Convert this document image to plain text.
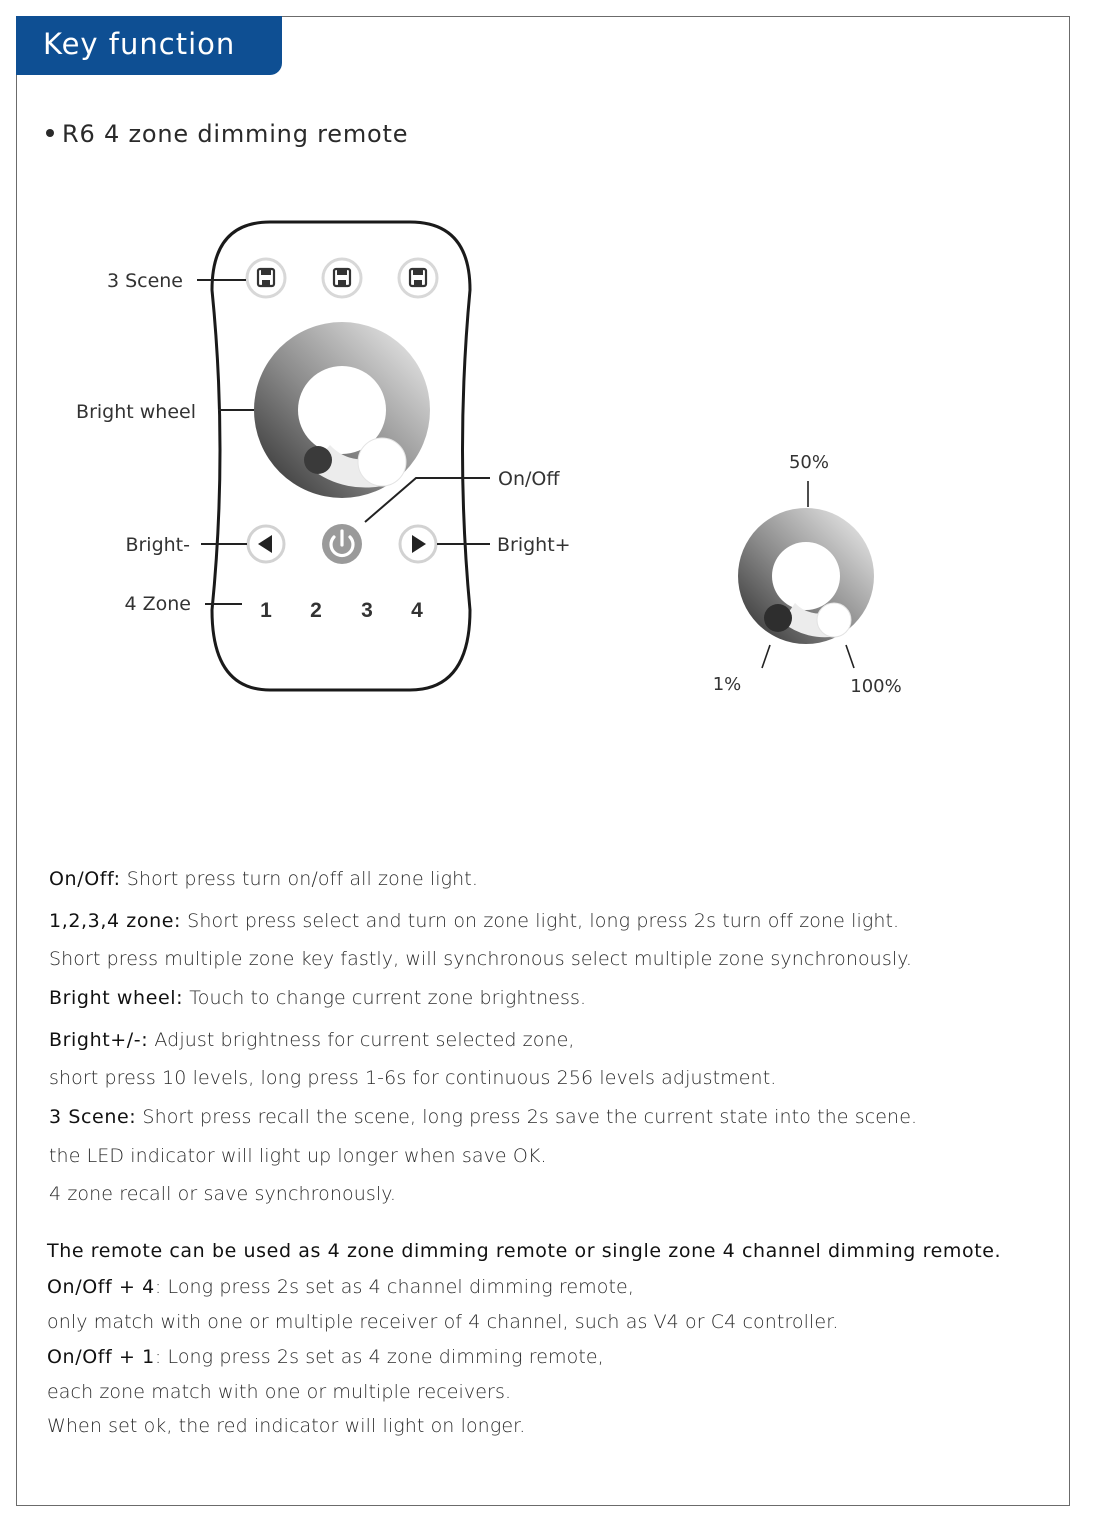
Key function
R6 4 zone dimming remote
1 2 3 4
3 Scene
Bright wheel
On/Off
Bright-	Bright+
4 Zone
50%
1%	100%
On/Off: Short press turn on/off all zone light.
1,2,3,4 zone: Short press select and turn on zone light, long press 2s turn off zone light.
Short press multiple zone key fastly, will synchronous select multiple zone synchronously.
Bright wheel: Touch to change current zone brightness.
Bright+/-: Adjust brightness for current selected zone,
short press 10 levels, long press 1-6s for continuous 256 levels adjustment.
3 Scene: Short press recall the scene, long press 2s save the current state into the scene.
the LED indicator will light up longer when save OK.
4 zone recall or save synchronously.
The remote can be used as 4 zone dimming remote or single zone 4 channel dimming remote.
On/Off + 4: Long press 2s set as 4 channel dimming remote,
only match with one or multiple receiver of 4 channel, such as V4 or C4 controller.
On/Off + 1: Long press 2s set as 4 zone dimming remote,
each zone match with one or multiple receivers.
When set ok, the red indicator will light on longer.
